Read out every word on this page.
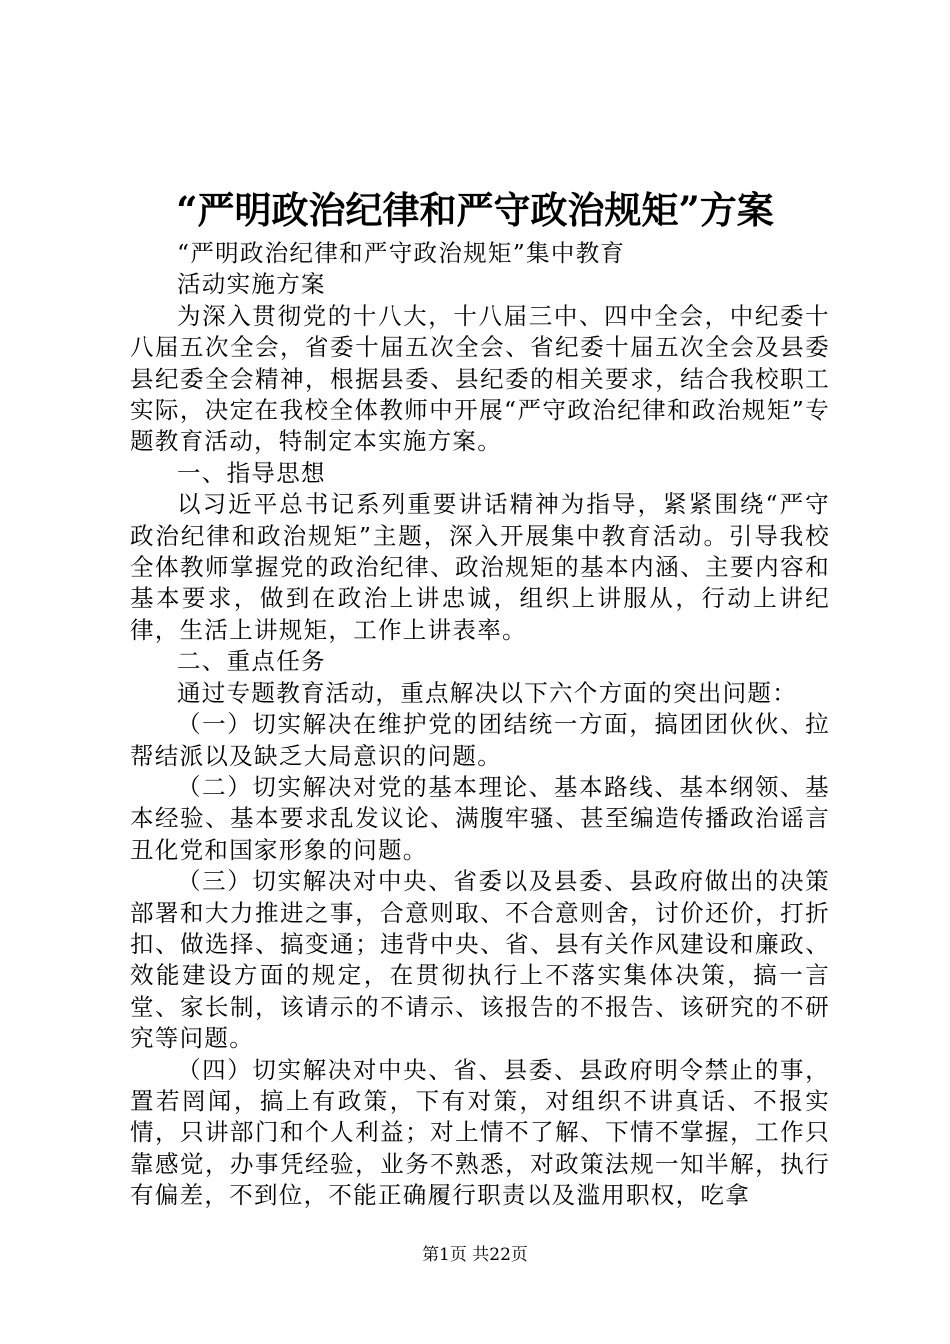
“严明政治纪律和严守政治规矩”方案

“严明政治纪律和严守政治规矩”集中教育

活动实施方案

为深入贯彻党的十八大，十八届三中、四中全会，中纪委十八届五次全会，省委十届五次全会、省纪委十届五次全会及县委县纪委全会精神，根据县委、县纪委的相关要求，结合我校职工实际，决定在我校全体教师中开展“严守政治纪律和政治规矩”专题教育活动，特制定本实施方案。

一、指导思想

以习近平总书记系列重要讲话精神为指导，紧紧围绕“严守政治纪律和政治规矩”主题，深入开展集中教育活动。引导我校全体教师掌握党的政治纪律、政治规矩的基本内涵、主要内容和基本要求，做到在政治上讲忠诚，组织上讲服从，行动上讲纪律，生活上讲规矩，工作上讲表率。

二、重点任务

通过专题教育活动，重点解决以下六个方面的突出问题：

（一）切实解决在维护党的团结统一方面，搞团团伙伙、拉帮结派以及缺乏大局意识的问题。

（二）切实解决对党的基本理论、基本路线、基本纲领、基本经验、基本要求乱发议论、满腹牢骚、甚至编造传播政治谣言丑化党和国家形象的问题。

（三）切实解决对中央、省委以及县委、县政府做出的决策部署和大力推进之事，合意则取、不合意则舍，讨价还价，打折扣、做选择、搞变通；违背中央、省、县有关作风建设和廉政、效能建设方面的规定，在贯彻执行上不落实集体决策，搞一言堂、家长制，该请示的不请示、该报告的不报告、该研究的不研究等问题。

（四）切实解决对中央、省、县委、县政府明令禁止的事，置若罔闻，搞上有政策，下有对策，对组织不讲真话、不报实情，只讲部门和个人利益；对上情不了解、下情不掌握，工作只靠感觉，办事凭经验，业务不熟悉，对政策法规一知半解，执行有偏差，不到位，不能正确履行职责以及滥用职权，吃拿

第1页 共22页
